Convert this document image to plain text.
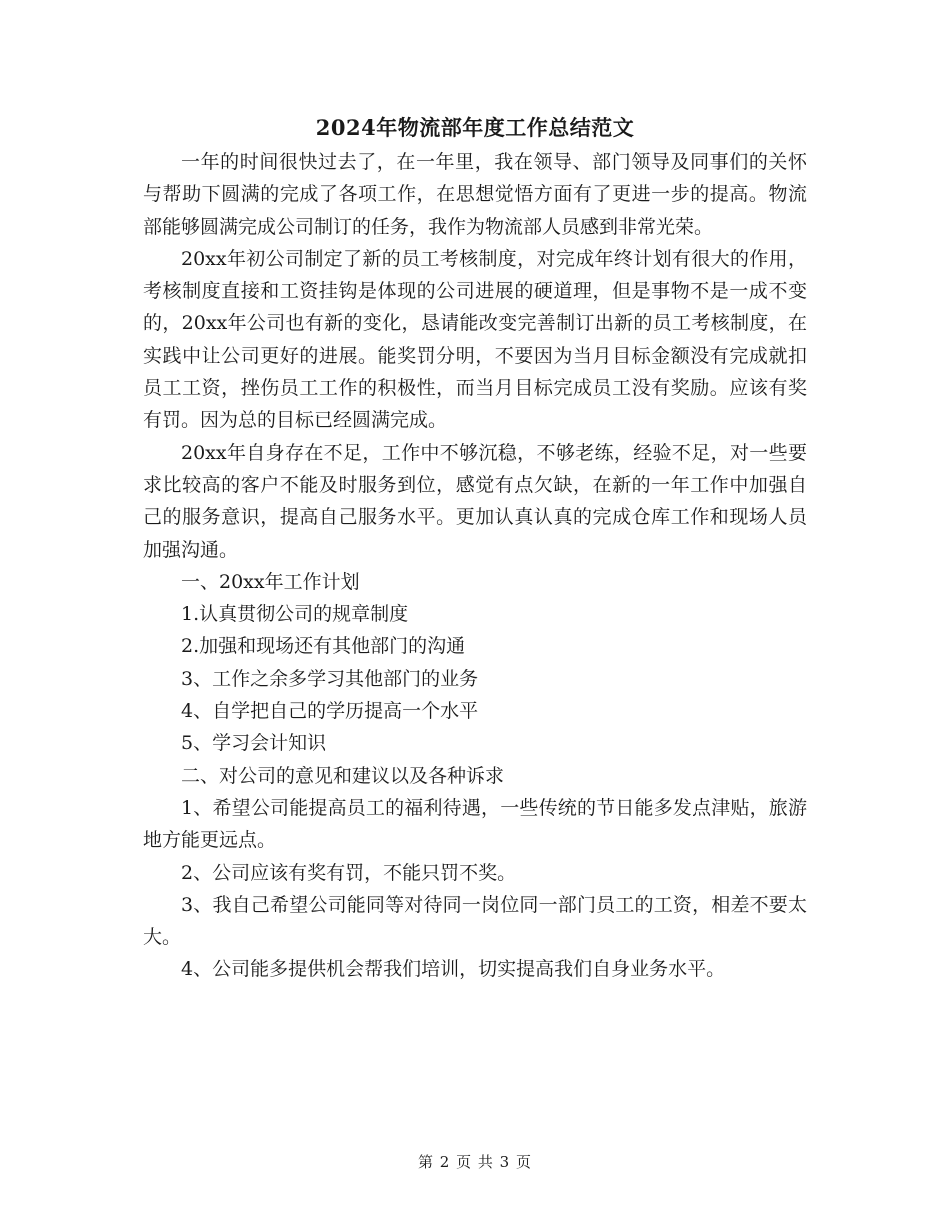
2024年物流部年度工作总结范文

一年的时间很快过去了，在一年里，我在领导、部门领导及同事们的关怀与帮助下圆满的完成了各项工作，在思想觉悟方面有了更进一步的提高。物流部能够圆满完成公司制订的任务，我作为物流部人员感到非常光荣。

20xx年初公司制定了新的员工考核制度，对完成年终计划有很大的作用，考核制度直接和工资挂钩是体现的公司进展的硬道理，但是事物不是一成不变的，20xx年公司也有新的变化，恳请能改变完善制订出新的员工考核制度，在实践中让公司更好的进展。能奖罚分明，不要因为当月目标金额没有完成就扣员工工资，挫伤员工工作的积极性，而当月目标完成员工没有奖励。应该有奖有罚。因为总的目标已经圆满完成。

20xx年自身存在不足，工作中不够沉稳，不够老练，经验不足，对一些要求比较高的客户不能及时服务到位，感觉有点欠缺，在新的一年工作中加强自己的服务意识，提高自己服务水平。更加认真认真的完成仓库工作和现场人员加强沟通。

一、20xx年工作计划

1.认真贯彻公司的规章制度

2.加强和现场还有其他部门的沟通

3、工作之余多学习其他部门的业务

4、自学把自己的学历提高一个水平

5、学习会计知识

二、对公司的意见和建议以及各种诉求

1、希望公司能提高员工的福利待遇，一些传统的节日能多发点津贴，旅游地方能更远点。

2、公司应该有奖有罚，不能只罚不奖。

3、我自己希望公司能同等对待同一岗位同一部门员工的工资，相差不要太大。

4、公司能多提供机会帮我们培训，切实提高我们自身业务水平。

第 2 页 共 3 页
